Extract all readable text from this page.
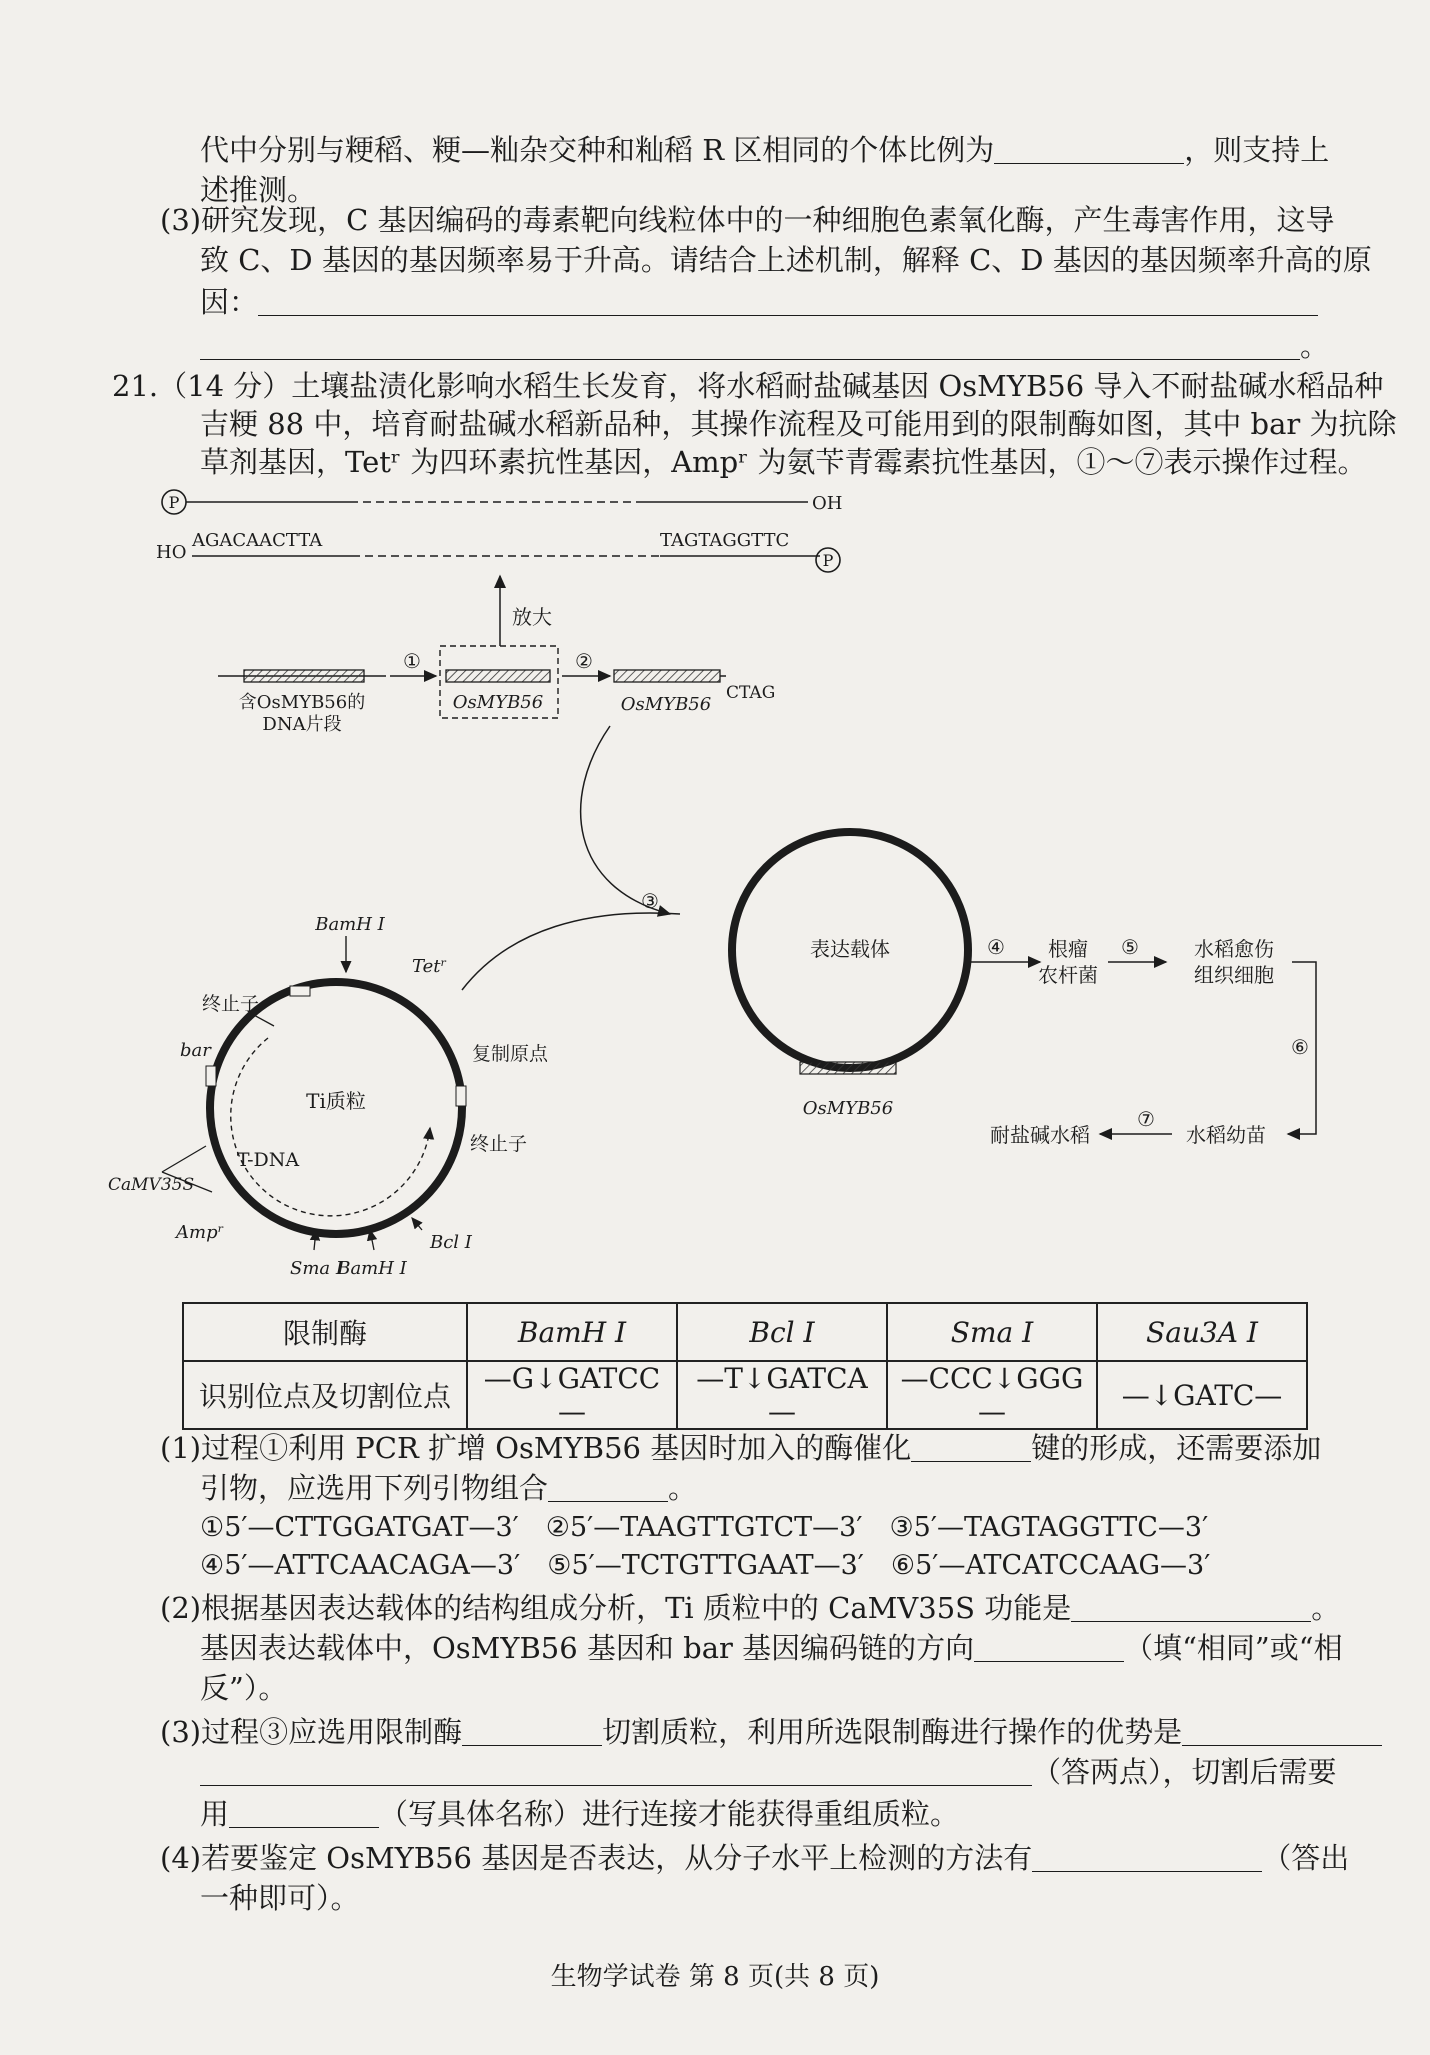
代中分别与粳稻、粳—籼杂交种和籼稻 R 区相同的个体比例为	，则支持上
述推测。
(3)研究发现，C 基因编码的毒素靶向线粒体中的一种细胞色素氧化酶，产生毒害作用，这导
致 C、D 基因的基因频率易于升高。请结合上述机制，解释 C、D 基因的基因频率升高的原
因：
。
21.（14 分）土壤盐渍化影响水稻生长发育，将水稻耐盐碱基因 OsMYB56 导入不耐盐碱水稻品种
吉粳 88 中，培育耐盐碱水稻新品种，其操作流程及可能用到的限制酶如图，其中 bar 为抗除
草剂基因，Tetʳ 为四环素抗性基因，Ampʳ 为氨苄青霉素抗性基因，①～⑦表示操作过程。
P	OH
HO
AGACAACTTA	TAGTAGGTTC
P
放大
含OsMYB56的
DNA片段
①
OsMYB56
②
CTAG
OsMYB56
③
表达载体
OsMYB56
④ 根瘤
农杆菌
⑤	水稻愈伤
组织细胞
⑥
水稻幼苗
⑦
耐盐碱水稻
Ti质粒
T-DNA
BamH Ⅰ
Tetʳ
终止子
bar	复制原点
终止子
CaMV35S
Ampʳ
Sma Ⅰ
BamH Ⅰ
Bcl Ⅰ
限制酶	BamH Ⅰ	Bcl Ⅰ	Sma Ⅰ	Sau3A Ⅰ
识别位点及切割位点	—G↓GATCC—	—T↓GATCA—	—CCC↓GGG—	—↓GATC—
(1)过程①利用 PCR 扩增 OsMYB56 基因时加入的酶催化	键的形成，还需要添加
引物，应选用下列引物组合	。
①5′—CTTGGATGAT—3′　②5′—TAAGTTGTCT—3′　③5′—TAGTAGGTTC—3′
④5′—ATTCAACAGA—3′　⑤5′—TCTGTTGAAT—3′　⑥5′—ATCATCCAAG—3′
(2)根据基因表达载体的结构组成分析，Ti 质粒中的 CaMV35S 功能是	。
基因表达载体中，OsMYB56 基因和 bar 基因编码链的方向	（填“相同”或“相
反”）。
(3)过程③应选用限制酶	切割质粒，利用所选限制酶进行操作的优势是
（答两点），切割后需要
用	（写具体名称）进行连接才能获得重组质粒。
(4)若要鉴定 OsMYB56 基因是否表达，从分子水平上检测的方法有	（答出
一种即可）。
生物学试卷 第 8 页(共 8 页)
